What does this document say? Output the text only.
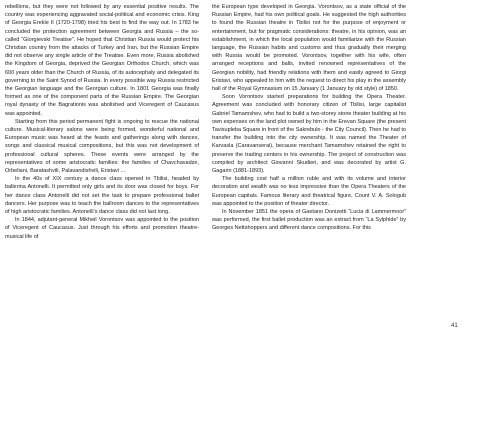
rebellions, but they were not followed by any essential positive results. The country was experiencing aggravated social-political and economic crisis. King of Georgia Erekle II (1720-1798) tried his best to find the way out. In 1783 he concluded the protection agreement between Georgia and Russia – the so-called “Giorgievski Treatise”. He hoped that Christian Russia would protect his Christian country from the attacks of Turkey and Iran, but the Russian Empire did not observe any single article of the Treatise. Even more, Russia abolished the Kingdom of Georgia, deprived the Georgian Orthodox Church, which was 600 years older than the Church of Russia, of its autocephaly and delegated its governing to the Saint Synod of Russia. In every possible way Russia restricted the Georgian language and the Georgian culture. In 1801 Georgia was finally formed as one of the component parts of the Russian Empire. The Georgian royal dynasty of the Bagrationis was abolished and Viceregent of Caucasus was appointed.

Starting from this period permanent fight is ongoing to rescue the national culture. Musical-literary salons were being formed, wonderful national and European music was heard at the feasts and gatherings along with dances, songs and classical musical compositions, but this was not development of professional cultural spheres. These events were arranged by the representatives of some aristocratic families: the families of Chavchavadze, Orbeliani, Baratashvili, Palavandishvili, Eristavi ...

In the 40s of XIX century a dance class opened in Tbilisi, headed by ballerina Antonelli. It permitted only girls and its door was closed for boys. For her dance class Antonelli did not set the task to prepare professional ballet dancers. Her purpose was to teach the ballroom dances to the representatives of high aristocratic families. Antonelli’s dance class did not last long.

In 1844, adjutant-general Mikheil Vorontsov was appointed to the position of Viceregent of Caucasus. Just through his efforts and promotion theatre-musical life of

the European type developed in Georgia. Vorontsov, as a state official of the Russian Empire, had his own political goals. He suggested the high authorities to found the Russian theatre in Tbilisi not for the purpose of enjoyment or entertainment, but for pragmatic considerations: theatre, in his opinion, was an establishment, in which the local population would familiarize with the Russian language, the Russian habits and customs and thus gradually their merging with Russia would be promoted. Vorontsov, together with his wife, often arranged receptions and balls, invited renowned representatives of the Georgian nobility, had friendly relations with them and easily agreed to Giorgi Eristavi, who appealed to him with the request to direct his play in the assembly hall of the Royal Gymnasium on 15 January (1 January by old style) of 1850.

Soon Vorontsov started preparations for building the Opera Theater. Agreement was concluded with honorary citizen of Tbilisi, large capitalist Gabriel Tamamshev, who had to build a two-storey stone theater building at his own expenses on the land plot owned by him in the Erevan Square (the present Tavisupleba Square in front of the Sakrebulo - the City Council). Then he had to transfer the building into the city ownership. It was named the Theater of Karvasla (Caravanserai), because merchant Tamamshev retained the right to preserve the trading centers in his ownership. The project of construction was compiled by architect Giovanni Skudieri, and was decorated by artist G. Gagarin (1881-1893).

The building cost half a million ruble and with its volume and interior decoration and wealth was no less impressive than the Opera Theaters of the European capitals. Famous literary and theatrical figure, Count V. A. Sologub was appointed to the position of theater director.

In November 1851 the opera of Gaetano Donizetti “Lucia di Lammermoor” was performed, the first ballet production was an extract from “La Sylphide” by Georges Nettshoppers and different dance compositions. For this

41
